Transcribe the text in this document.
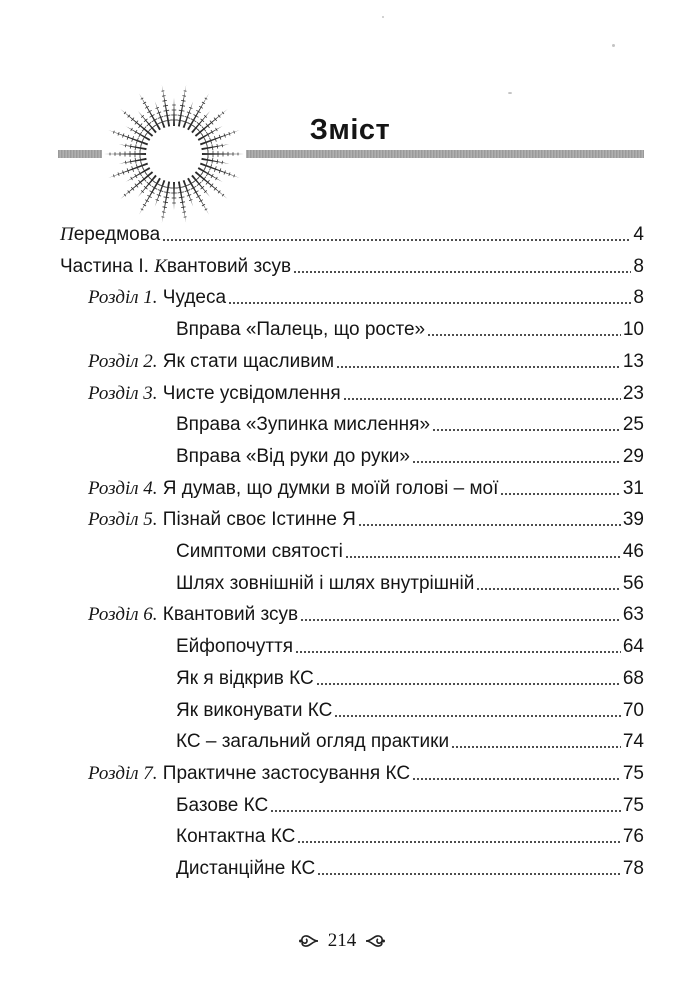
Зміст
Передмова	4
Частина І. Квантовий зсув	8
Розділ 1. Чудеса	8
Вправа «Палець, що росте»	10
Розділ 2. Як стати щасливим	13
Розділ 3. Чисте усвідомлення	23
Вправа «Зупинка мислення»	25
Вправа «Від руки до руки»	29
Розділ 4. Я думав, що думки в моїй голові – мої	31
Розділ 5. Пізнай своє Істинне Я	39
Симптоми святості	46
Шлях зовнішній і шлях внутрішній	56
Розділ 6. Квантовий зсув	63
Ейфопочуття	64
Як я відкрив КС	68
Як виконувати КС	70
КС – загальний огляд практики	74
Розділ 7. Практичне застосування КС	75
Базове КС	75
Контактна КС	76
Дистанційне КС	78
214
